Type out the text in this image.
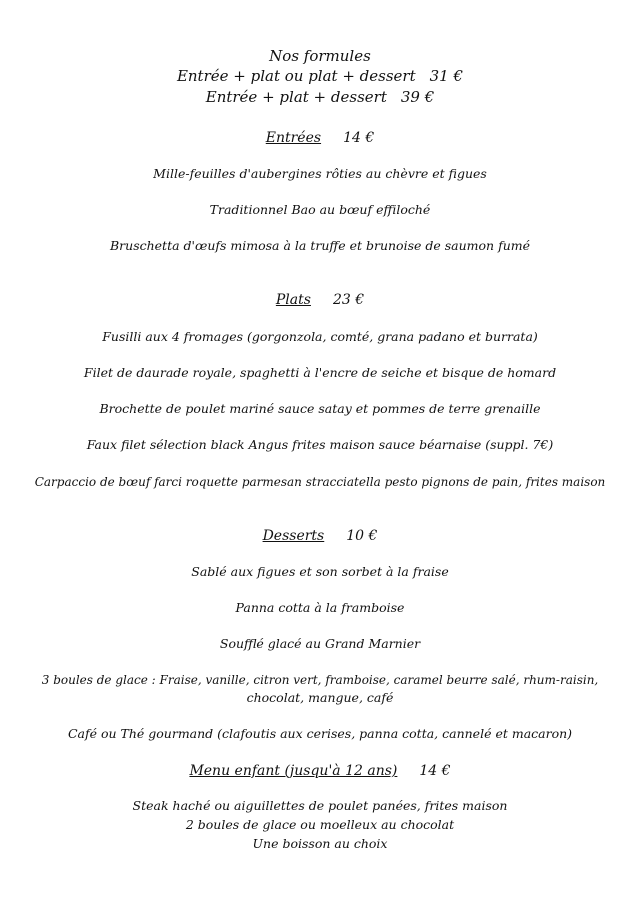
Nos formules
Entrée + plat ou plat + dessert 31 €
Entrée + plat + dessert 39 €
Entrées 14 €
Mille-feuilles d'aubergines rôties au chèvre et figues
Traditionnel Bao au bœuf effiloché
Bruschetta d'œufs mimosa à la truffe et brunoise de saumon fumé
Plats 23 €
Fusilli aux 4 fromages (gorgonzola, comté, grana padano et burrata)
Filet de daurade royale, spaghetti à l'encre de seiche et bisque de homard
Brochette de poulet mariné sauce satay et pommes de terre grenaille
Faux filet sélection black Angus frites maison sauce béarnaise (suppl. 7€)
Carpaccio de bœuf farci roquette parmesan stracciatella pesto pignons de pain, frites maison
Desserts 10 €
Sablé aux figues et son sorbet à la fraise
Panna cotta à la framboise
Soufflé glacé au Grand Marnier
3 boules de glace : Fraise, vanille, citron vert, framboise, caramel beurre salé, rhum-raisin,
chocolat, mangue, café
Café ou Thé gourmand (clafoutis aux cerises, panna cotta, cannelé et macaron)
Menu enfant (jusqu'à 12 ans) 14 €
Steak haché ou aiguillettes de poulet panées, frites maison
2 boules de glace ou moelleux au chocolat
Une boisson au choix
